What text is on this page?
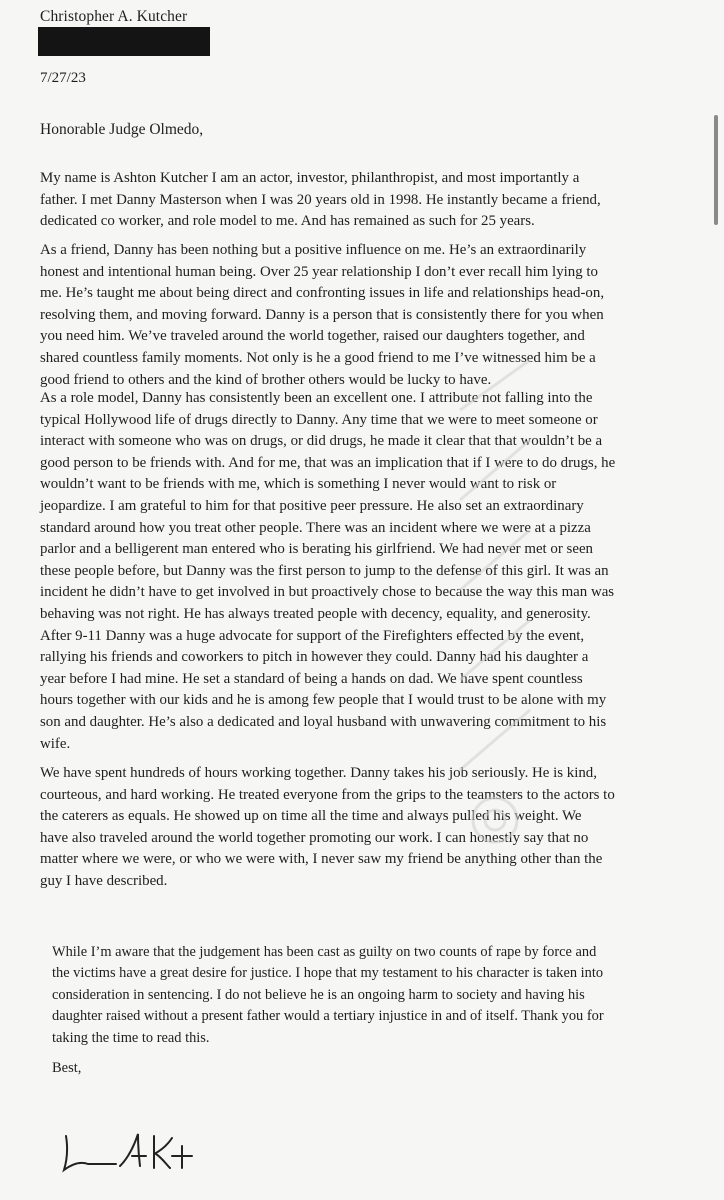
Christopher A. Kutcher

7/27/23

Honorable Judge Olmedo,

My name is Ashton Kutcher I am an actor, investor, philanthropist, and most importantly a
father. I met Danny Masterson when I was 20 years old in 1998. He instantly became a friend,
dedicated co worker, and role model to me. And has remained as such for 25 years.

As a friend, Danny has been nothing but a positive influence on me. He’s an extraordinarily
honest and intentional human being. Over 25 year relationship I don’t ever recall him lying to
me. He’s taught me about being direct and confronting issues in life and relationships head-on,
resolving them, and moving forward. Danny is a person that is consistently there for you when
you need him. We’ve traveled around the world together, raised our daughters together, and
shared countless family moments. Not only is he a good friend to me I’ve witnessed him be a
good friend to others and the kind of brother others would be lucky to have.

As a role model, Danny has consistently been an excellent one. I attribute not falling into the
typical Hollywood life of drugs directly to Danny. Any time that we were to meet someone or
interact with someone who was on drugs, or did drugs, he made it clear that that wouldn’t be a
good person to be friends with. And for me, that was an implication that if I were to do drugs, he
wouldn’t want to be friends with me, which is something I never would want to risk or
jeopardize. I am grateful to him for that positive peer pressure. He also set an extraordinary
standard around how you treat other people. There was an incident where we were at a pizza
parlor and a belligerent man entered who is berating his girlfriend. We had never met or seen
these people before, but Danny was the first person to jump to the defense of this girl. It was an
incident he didn’t have to get involved in but proactively chose to because the way this man was
behaving was not right. He has always treated people with decency, equality, and generosity.
After 9-11 Danny was a huge advocate for support of the Firefighters effected by the event,
rallying his friends and coworkers to pitch in however they could. Danny had his daughter a
year before I had mine. He set a standard of being a hands on dad. We have spent countless
hours together with our kids and he is among few people that I would trust to be alone with my
son and daughter. He’s also a dedicated and loyal husband with unwavering commitment to his
wife.

We have spent hundreds of hours working together. Danny takes his job seriously. He is kind,
courteous, and hard working. He treated everyone from the grips to the teamsters to the actors to
the caterers as equals. He showed up on time all the time and always pulled his weight. We
have also traveled around the world together promoting our work. I can honestly say that no
matter where we were, or who we were with, I never saw my friend be anything other than the
guy I have described.

While I’m aware that the judgement has been cast as guilty on two counts of rape by force and
the victims have a great desire for justice. I hope that my testament to his character is taken into
consideration in sentencing. I do not believe he is an ongoing harm to society and having his
daughter raised without a present father would a tertiary injustice in and of itself. Thank you for
taking the time to read this.

Best,
